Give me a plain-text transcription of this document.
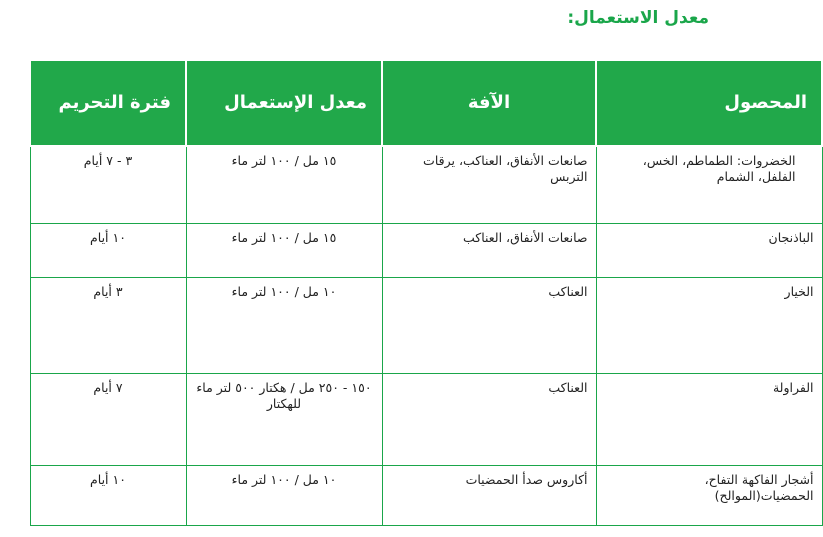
معدل الاستعمال:
المحصول	الآفة	معدل الإستعمال	فترة التحريم
الخضروات: الطماطم، الخس، الفلفل، الشمام	صانعات الأنفاق، العناكب، يرقات التربس	١٥ مل / ١٠٠ لتر ماء	٣ - ٧ أيام
الباذنجان	صانعات الأنفاق، العناكب	١٥ مل / ١٠٠ لتر ماء	١٠ أيام
الخيار	العناكب	١٠ مل / ١٠٠ لتر ماء	٣ أيام
الفراولة	العناكب	١٥٠ - ٢٥٠ مل / هكتار ٥٠٠ لتر ماء للهكتار	٧ أيام
أشجار الفاكهة التفاح، الحمضيات(الموالح)	أكاروس صدأ الحمضيات	١٠ مل / ١٠٠ لتر ماء	١٠ أيام
